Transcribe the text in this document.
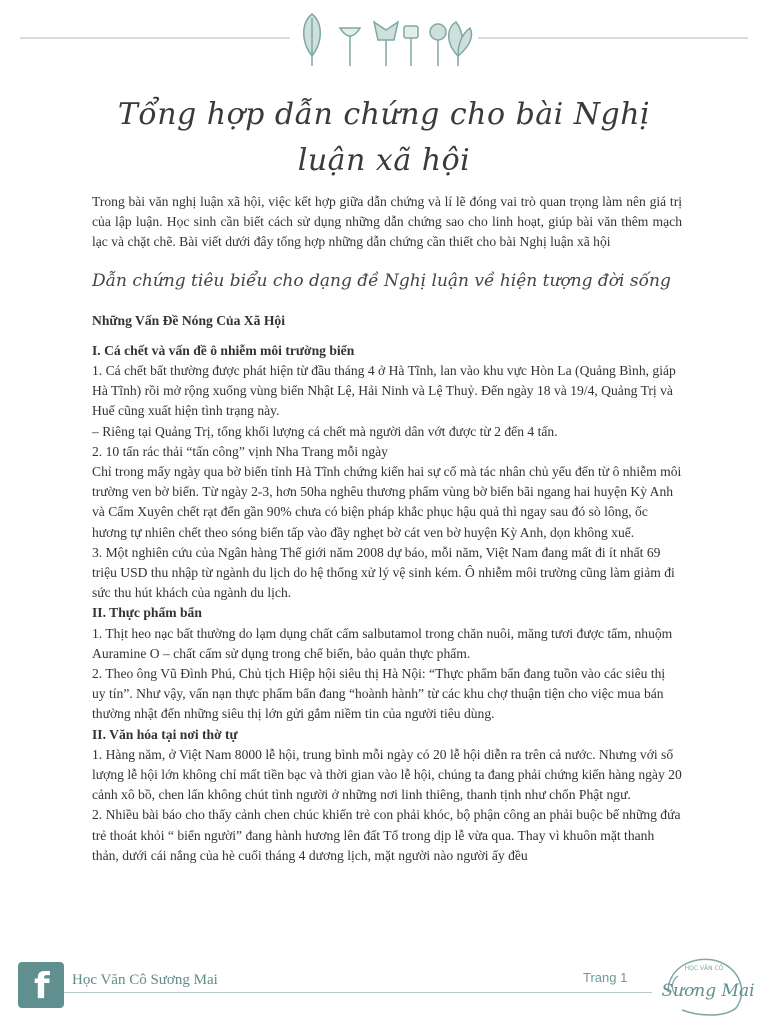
Tổng hợp dẫn chứng cho bài Nghị luận xã hội

Trong bài văn nghị luận xã hội, việc kết hợp giữa dẫn chứng và lí lẽ đóng vai trò quan trọng làm nên giá trị của lập luận. Học sinh cần biết cách sử dụng những dẫn chứng sao cho linh hoạt, giúp bài văn thêm mạch lạc và chặt chẽ. Bài viết dưới đây tổng hợp những dẫn chứng cần thiết cho bài Nghị luận xã hội

Dẫn chứng tiêu biểu cho dạng đề Nghị luận về hiện tượng đời sống

Những Vấn Đề Nóng Của Xã Hội

I. Cá chết và vấn đề ô nhiễm môi trường biển

1. Cá chết bất thường được phát hiện từ đầu tháng 4 ở Hà Tĩnh, lan vào khu vực Hòn La (Quảng Bình, giáp Hà Tĩnh) rồi mở rộng xuống vùng biển Nhật Lệ, Hải Ninh và Lệ Thuỷ. Đến ngày 18 và 19/4, Quảng Trị và Huế cũng xuất hiện tình trạng này.

– Riêng tại Quảng Trị, tổng khối lượng cá chết mà người dân vớt được từ 2 đến 4 tấn.

2. 10 tấn rác thải “tấn công” vịnh Nha Trang mỗi ngày

Chỉ trong mấy ngày qua bờ biển tỉnh Hà Tĩnh chứng kiến hai sự cố mà tác nhân chủ yếu đến từ ô nhiễm môi trường ven bờ biển. Từ ngày 2-3, hơn 50ha nghêu thương phẩm vùng bờ biển bãi ngang hai huyện Kỳ Anh và Cẩm Xuyên chết rạt đến gần 90% chưa có biện pháp khắc phục hậu quả thì ngay sau đó sò lông, ốc hương tự nhiên chết theo sóng biển tấp vào đầy nghẹt bờ cát ven bờ huyện Kỳ Anh, dọn không xuể.

3. Một nghiên cứu của Ngân hàng Thế giới năm 2008 dự báo, mỗi năm, Việt Nam đang mất đi ít nhất 69 triệu USD thu nhập từ ngành du lịch do hệ thống xử lý vệ sinh kém. Ô nhiễm môi trường cũng làm giảm đi sức thu hút khách của ngành du lịch.

II. Thực phẩm bẩn

1. Thịt heo nạc bất thường do lạm dụng chất cấm salbutamol trong chăn nuôi, măng tươi được tẩm, nhuộm Auramine O – chất cấm sử dụng trong chế biến, bảo quản thực phẩm.

2. Theo ông Vũ Đình Phú, Chủ tịch Hiệp hội siêu thị Hà Nội: “Thực phẩm bẩn đang tuồn vào các siêu thị uy tín”. Như vậy, vấn nạn thực phẩm bẩn đang “hoành hành” từ các khu chợ thuận tiện cho việc mua bán thường nhật đến những siêu thị lớn gửi gắm niềm tin của người tiêu dùng.

II. Văn hóa tại nơi thờ tự

1. Hàng năm, ở Việt Nam 8000 lễ hội, trung bình mỗi ngày có 20 lễ hội diễn ra trên cả nước. Nhưng với số lượng lễ hội lớn không chỉ mất tiền bạc và thời gian vào lễ hội, chúng ta đang phải chứng kiến hàng ngày 20 cảnh xô bồ, chen lấn không chút tình người ở những nơi linh thiêng, thanh tịnh như chốn Phật ngư.

2. Nhiều bài báo cho thấy cảnh chen chúc khiến trẻ con phải khóc, bộ phận công an phải buộc bế những đứa trẻ thoát khỏi “ biển người” đang hành hương lên đất Tổ trong dịp lễ vừa qua. Thay vì khuôn mặt thanh thản, dưới cái nắng của hè cuối tháng 4 dương lịch, mặt người nào người ấy đều

f Học Văn Cô Sương Mai	Trang 1
HỌC VĂN CÔ
Sương Mai
